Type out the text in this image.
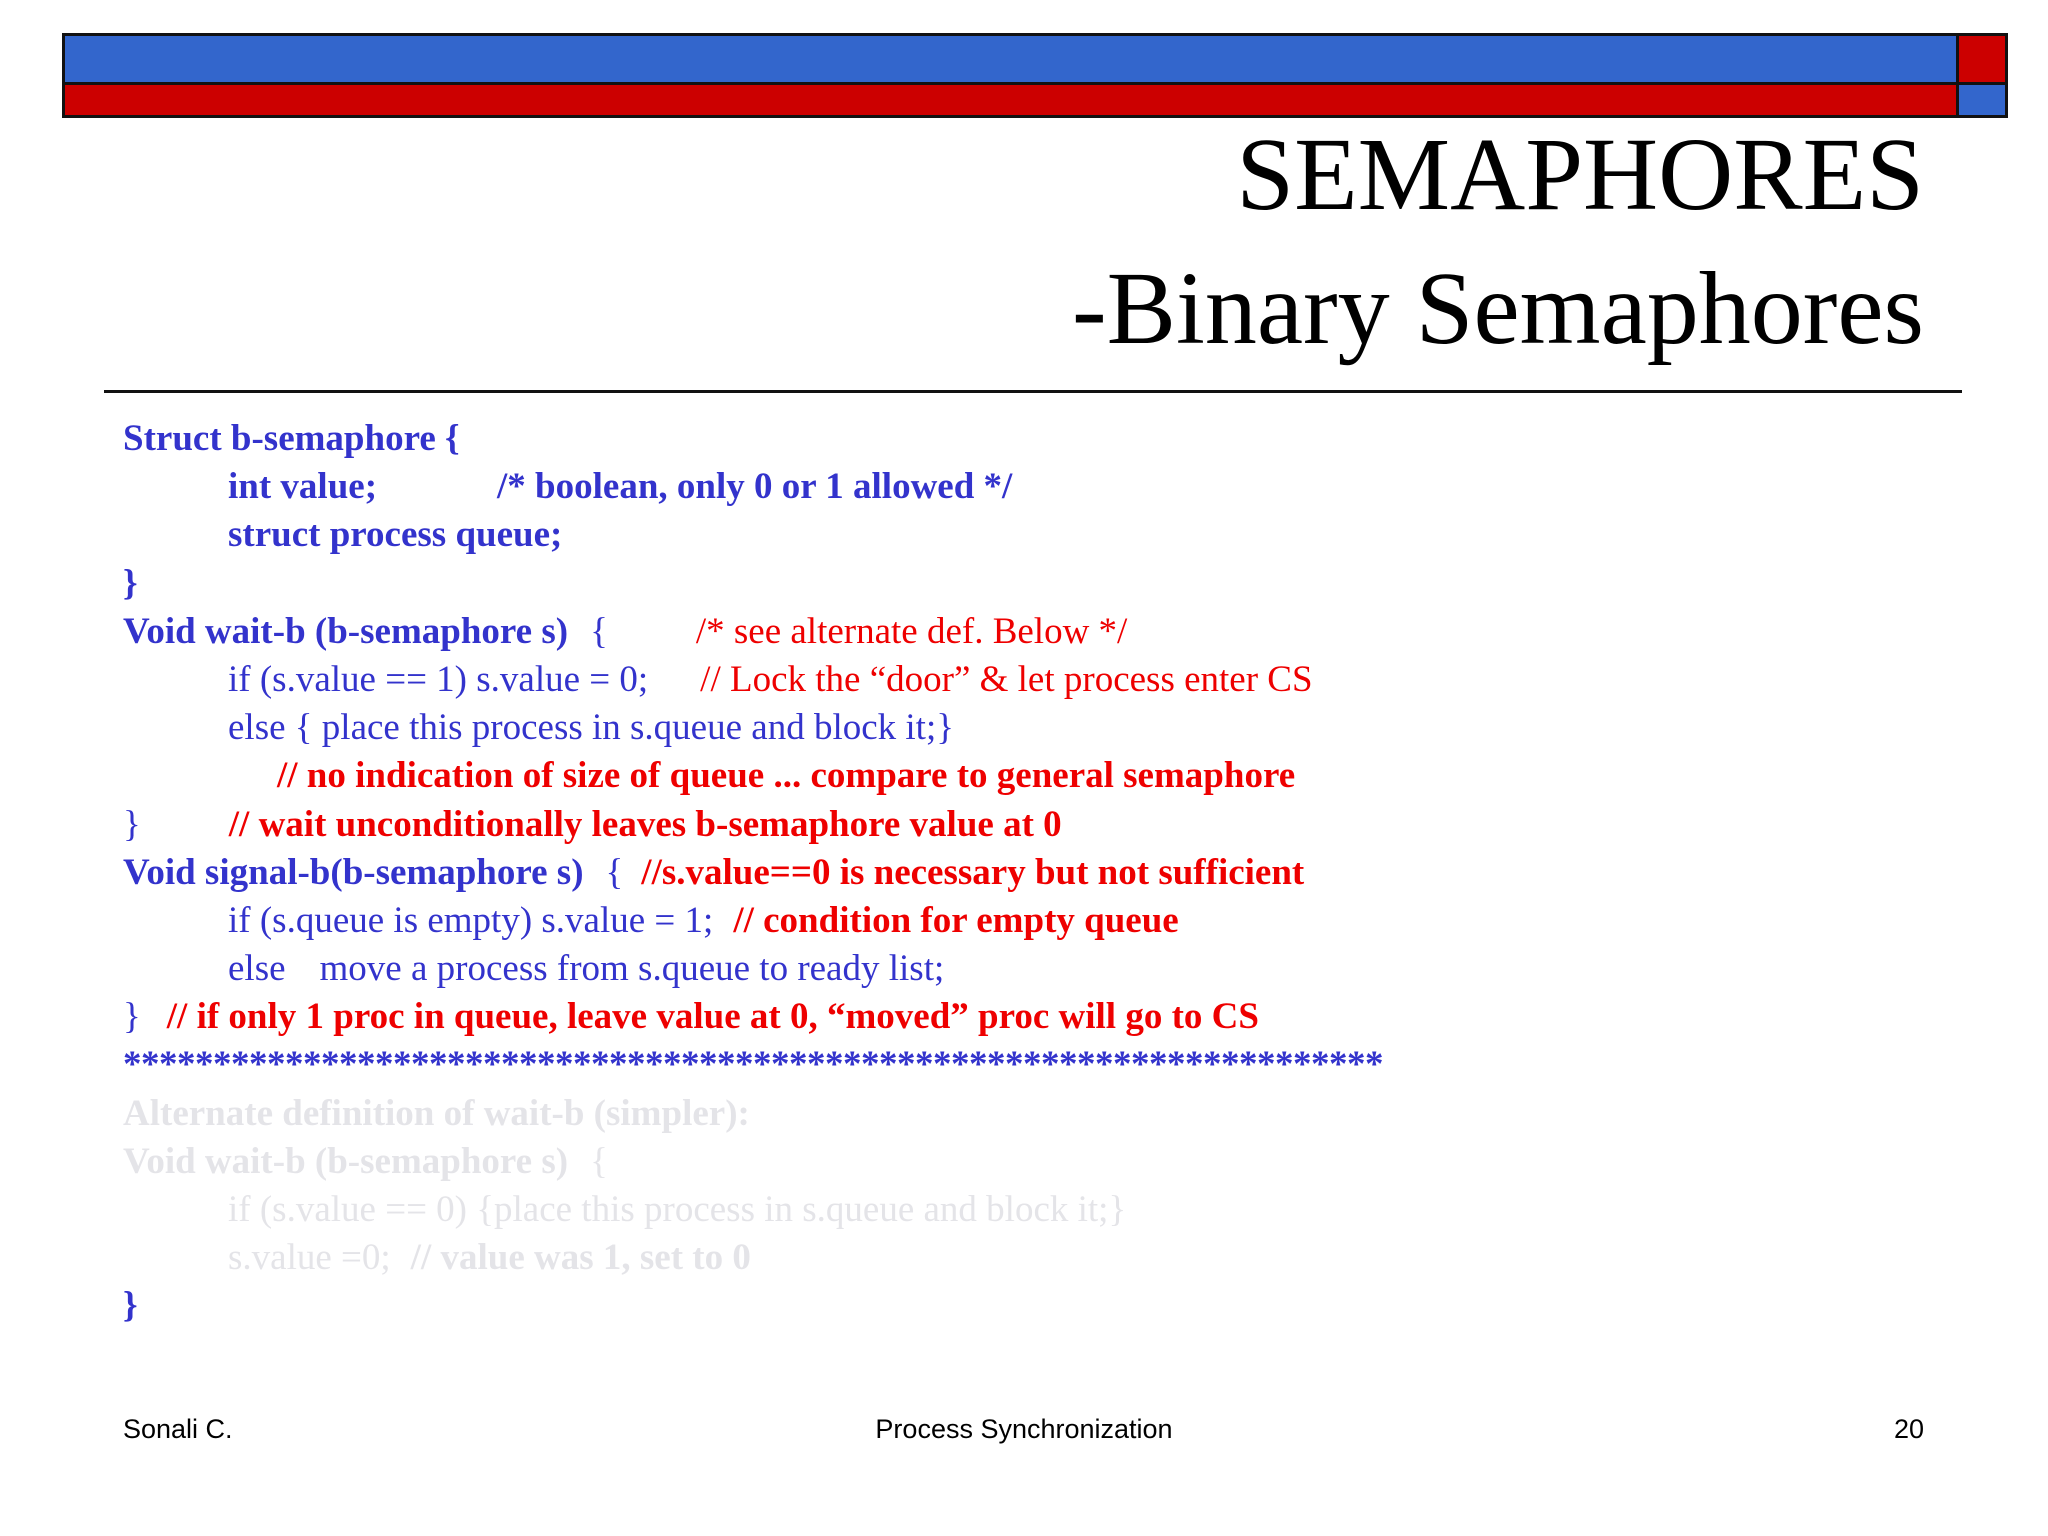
SEMAPHORES
-Binary Semaphores
Struct b-semaphore {
int value;	/* boolean, only 0 or 1 allowed */
struct process queue;
}
Void wait-b (b-semaphore s) { /* see alternate def. Below */
if (s.value == 1) s.value = 0; // Lock the “door” & let process enter CS
else { place this process in s.queue and block it;}
// no indication of size of queue ... compare to general semaphore
} // wait unconditionally leaves b-semaphore value at 0
Void signal-b(b-semaphore s) { //s.value==0 is necessary but not sufficient
if (s.queue is empty) s.value = 1; // condition for empty queue
else move a process from s.queue to ready list;
} // if only 1 proc in queue, leave value at 0, “moved” proc will go to CS
**********************************************************************
Alternate definition of wait-b (simpler):
Void wait-b (b-semaphore s) {
if (s.value == 0) {place this process in s.queue and block it;}
s.value =0; // value was 1, set to 0
}
Sonali C.	Process Synchronization	20
